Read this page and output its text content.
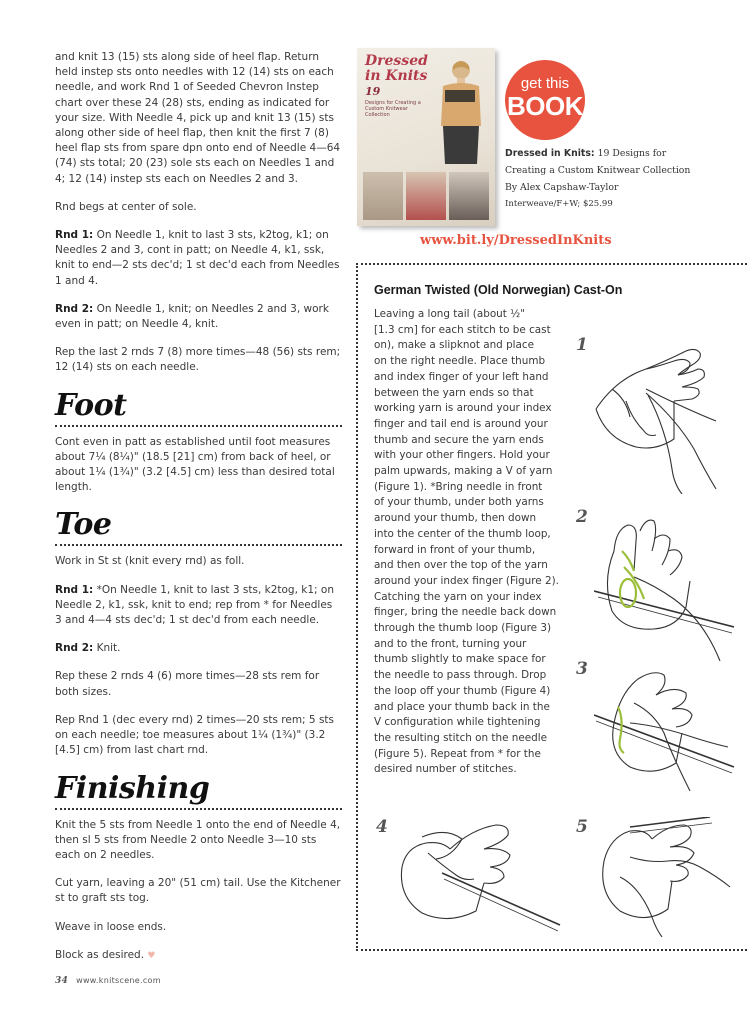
and knit 13 (15) sts along side of heel flap. Return held instep sts onto needles with 12 (14) sts on each needle, and work Rnd 1 of Seeded Chevron Instep chart over these 24 (28) sts, ending as indicated for your size. With Needle 4, pick up and knit 13 (15) sts along other side of heel flap, then knit the first 7 (8) heel flap sts from spare dpn onto end of Needle 4—64 (74) sts total; 20 (23) sole sts each on Needles 1 and 4; 12 (14) instep sts each on Needles 2 and 3.

Rnd begs at center of sole.

Rnd 1: On Needle 1, knit to last 3 sts, k2tog, k1; on Needles 2 and 3, cont in patt; on Needle 4, k1, ssk, knit to end—2 sts dec'd; 1 st dec'd each from Needles 1 and 4.

Rnd 2: On Needle 1, knit; on Needles 2 and 3, work even in patt; on Needle 4, knit.

Rep the last 2 rnds 7 (8) more times—48 (56) sts rem; 12 (14) sts on each needle.

Foot

Cont even in patt as established until foot measures about 7¼ (8¼)" (18.5 [21] cm) from back of heel, or about 1¼ (1¾)" (3.2 [4.5] cm) less than desired total length.

Toe

Work in St st (knit every rnd) as foll.

Rnd 1: *On Needle 1, knit to last 3 sts, k2tog, k1; on Needle 2, k1, ssk, knit to end; rep from * for Needles 3 and 4—4 sts dec'd; 1 st dec'd from each needle.

Rnd 2: Knit.

Rep these 2 rnds 4 (6) more times—28 sts rem for both sizes.

Rep Rnd 1 (dec every rnd) 2 times—20 sts rem; 5 sts on each needle; toe measures about 1¼ (1¾)" (3.2 [4.5] cm) from last chart rnd.

Finishing

Knit the 5 sts from Needle 1 onto the end of Needle 4, then sl 5 sts from Needle 2 onto Needle 3—10 sts each on 2 needles.

Cut yarn, leaving a 20" (51 cm) tail. Use the Kitchener st to graft sts tog.

Weave in loose ends.

Block as desired. ♥

Dressed
in Knits
19
Designs for Creating a Custom Knitwear Collection
get this
BOOK
Dressed in Knits: 19 Designs for
Creating a Custom Knitwear Collection
By Alex Capshaw-Taylor
Interweave/F+W; $25.99
www.bit.ly/DressedInKnits
German Twisted (Old Norwegian) Cast-On
Leaving a long tail (about ½"
[1.3 cm] for each stitch to be cast
on), make a slipknot and place
on the right needle. Place thumb
and index finger of your left hand
between the yarn ends so that
working yarn is around your index
finger and tail end is around your
thumb and secure the yarn ends
with your other fingers. Hold your
palm upwards, making a V of yarn
(Figure 1). *Bring needle in front
of your thumb, under both yarns
around your thumb, then down
into the center of the thumb loop,
forward in front of your thumb,
and then over the top of the yarn
around your index finger (Figure 2).
Catching the yarn on your index
finger, bring the needle back down
through the thumb loop (Figure 3)
and to the front, turning your
thumb slightly to make space for
the needle to pass through. Drop
the loop off your thumb (Figure 4)
and place your thumb back in the
V configuration while tightening
the resulting stitch on the needle
(Figure 5). Repeat from * for the
desired number of stitches.
1
2
3
4	5
34 www.knitscene.com
